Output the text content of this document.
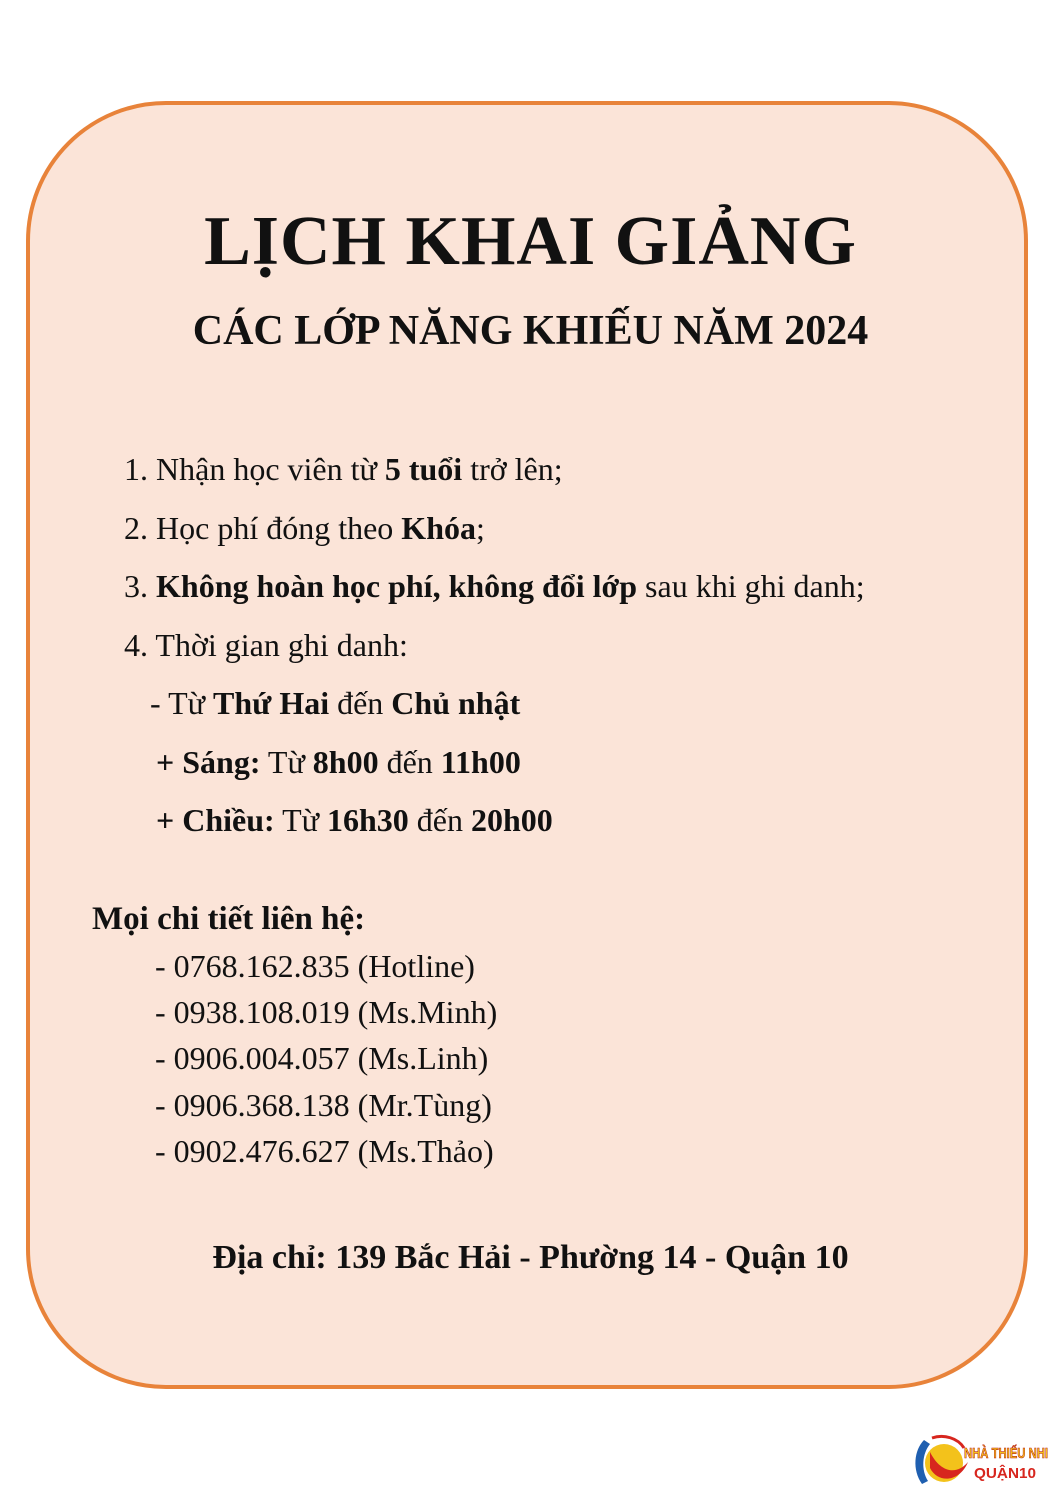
LỊCH KHAI GIẢNG
CÁC LỚP NĂNG KHIẾU NĂM 2024
1. Nhận học viên từ 5 tuổi trở lên;
2. Học phí đóng theo Khóa;
3. Không hoàn học phí, không đổi lớp sau khi ghi danh;
4. Thời gian ghi danh:
- Từ Thứ Hai đến Chủ nhật
+ Sáng: Từ 8h00 đến 11h00
+ Chiều: Từ 16h30 đến 20h00
Mọi chi tiết liên hệ:
- 0768.162.835 (Hotline)
- 0938.108.019 (Ms.Minh)
- 0906.004.057 (Ms.Linh)
- 0906.368.138 (Mr.Tùng)
- 0902.476.627 (Ms.Thảo)
Địa chỉ: 139 Bắc Hải - Phường 14 - Quận 10
NHÀ THIẾU NHI
QUẬN10
